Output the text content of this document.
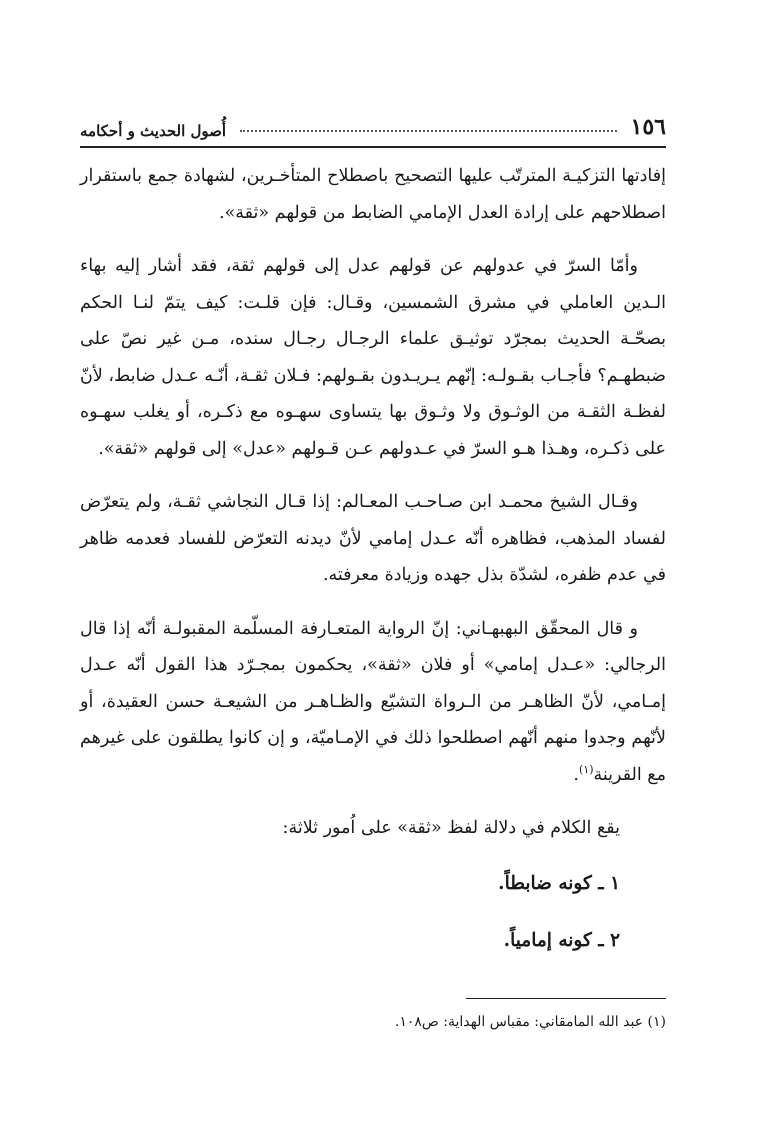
١٥٦
أُصول الحديث و أحكامه

إفادتها التزكيـة المترتّب عليها التصحيح باصطلاح المتأخـرين، لشهادة جمع باستقرار اصطلاحهم على إرادة العدل الإمامي الضابط من قولهم «ثقة».

وأمّا السرّ في عدولهم عن قولهم عدل إلى قولهم ثقة، فقد أشار إليه بهاء الـدين العاملي في مشرق الشمسين، وقـال: فإن قلـت: كيف يتمّ لنـا الحكم بصحّـة الحديث بمجرّد توثيـق علماء الرجـال رجـال سنده، مـن غير نصّ على ضبطهـم؟ فأجـاب بقـولـه: إنّهم يـريـدون بقـولهم: فـلان ثقـة، أنّـه عـدل ضابط، لأنّ لفظـة الثقـة من الوثـوق ولا وثـوق بها يتساوى سهـوه مع ذكـره، أو يغلب سهـوه على ذكـره، وهـذا هـو السرّ في عـدولهم عـن قـولهم «عدل» إلى قولهم «ثقة».

وقـال الشيخ محمـد ابن صـاحـب المعـالم: إذا قـال النجاشي ثقـة، ولم يتعرّض لفساد المذهب، فظاهره أنّه عـدل إمامي لأنّ ديدنه التعرّض للفساد فعدمه ظاهر في عدم ظفره، لشدّة بذل جهده وزيادة معرفته.

و قال المحقّق البهبهـاني: إنّ الرواية المتعـارفة المسلّمة المقبولـة أنّه إذا قال الرجالي: «عـدل إمامي» أو فلان «ثقة»، يحكمون بمجـرّد هذا القول أنّه عـدل إمـامي، لأنّ الظاهـر من الـرواة التشيّع والظـاهـر من الشيعـة حسن العقيدة، أو لأنّهم وجدوا منهم أنّهم اصطلحوا ذلك في الإمـاميّة، و إن كانوا يطلقون على غيرهم مع القرينة$^{(١)}$.

يقع الكلام في دلالة لفظ «ثقة» على اُمور ثلاثة:

١ ـ كونه ضابطاً.

٢ ـ كونه إمامياً.

(١) عبد الله المامقاني: مقباس الهداية: ص١٠٨.
